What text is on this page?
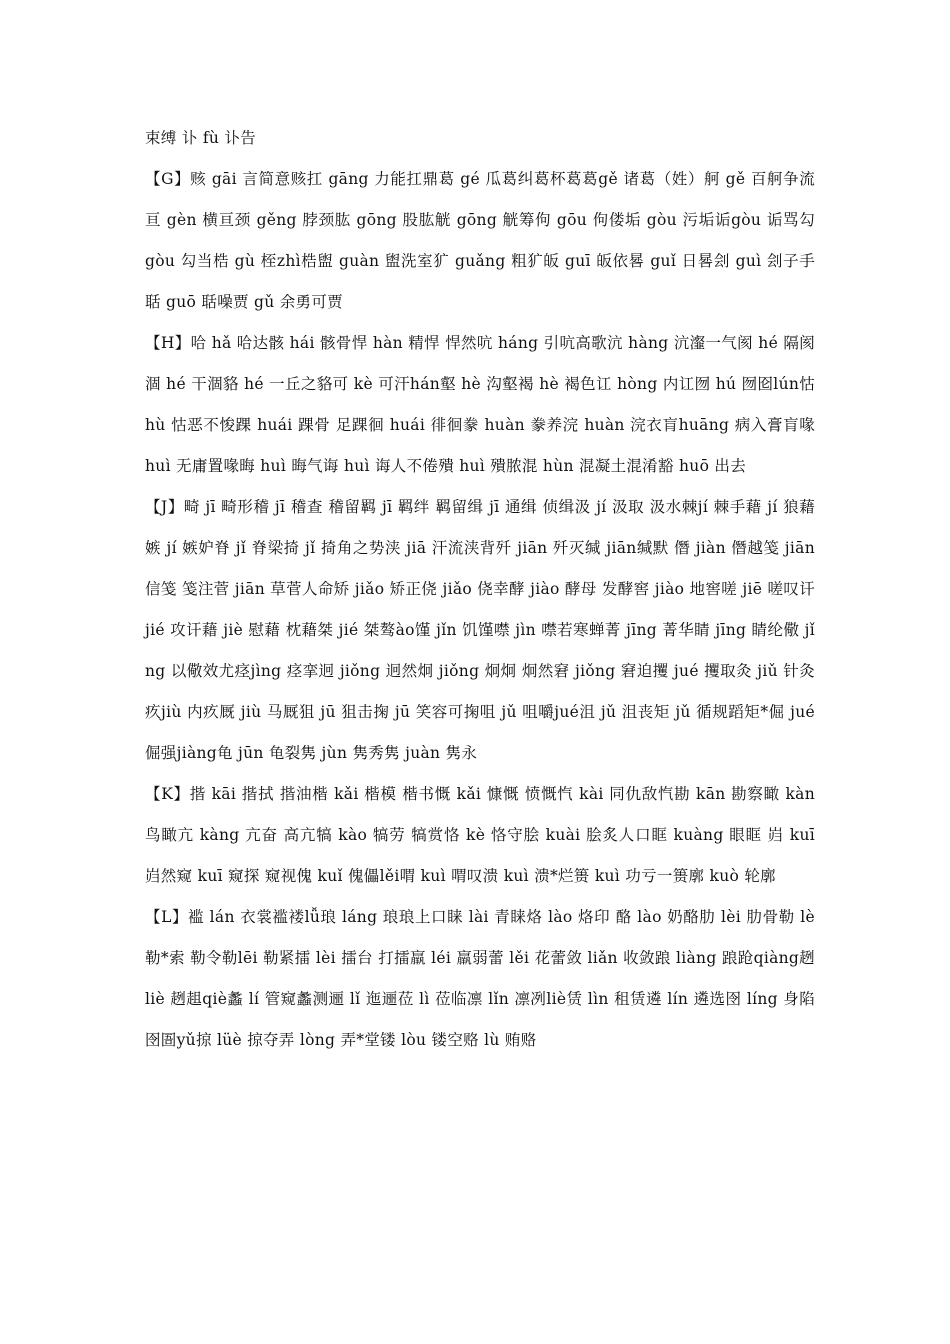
束缚 讣 fù 讣告

【G】赅 gāi 言简意赅扛 gāng 力能扛鼎葛 gé 瓜葛纠葛杯葛葛gě 诸葛（姓）舸 gě 百舸争流亘 gèn 横亘颈 gěng 脖颈肱 gōng 股肱觥 gōng 觥筹佝 gōu 佝偻垢 gòu 污垢诟gòu 诟骂勾 gòu 勾当梏 gù 桎zhì梏盥 guàn 盥洗室犷 guǎng 粗犷皈 guī 皈依晷 guǐ 日晷刽 guì 刽子手 聒 guō 聒噪贾 gǔ 余勇可贾

【H】哈 hǎ 哈达骸 hái 骸骨悍 hàn 精悍 悍然吭 háng 引吭高歌沆 hàng 沆瀣一气阂 hé 隔阂涸 hé 干涸貉 hé 一丘之貉可 kè 可汗hán壑 hè 沟壑褐 hè 褐色讧 hòng 内讧囫 hú 囫囵lún怙 hù 怙恶不悛踝 huái 踝骨 足踝徊 huái 徘徊豢 huàn 豢养浣 huàn 浣衣肓huāng 病入膏肓喙 huì 无庸置喙晦 huì 晦气诲 huì 诲人不倦殨 huì 殨脓混 hùn 混凝土混淆豁 huō 出去

【J】畸 jī 畸形稽 jī 稽查 稽留羁 jī 羁绊 羁留缉 jī 通缉 侦缉汲 jí 汲取 汲水棘jí 棘手藉 jí 狼藉嫉 jí 嫉妒脊 jǐ 脊梁掎 jǐ 掎角之势浃 jiā 汗流浃背歼 jiān 歼灭缄 jiān缄默 僭 jiàn 僭越笺 jiān 信笺 笺注菅 jiān 草菅人命矫 jiǎo 矫正侥 jiǎo 侥幸酵 jiào 酵母 发酵窖 jiào 地窖嗟 jiē 嗟叹讦 jié 攻讦藉 jiè 慰藉 枕藉桀 jié 桀骜ào馑 jǐn 饥馑噤 jìn 噤若寒蝉菁 jīng 菁华睛 jīng 睛纶儆 jǐng 以儆效尤痉jìng 痉挛迥 jiǒng 迥然炯 jiǒng 炯炯 炯然窘 jiǒng 窘迫攫 jué 攫取灸 jiǔ 针灸 疚jiù 内疚厩 jiù 马厩狙 jū 狙击掬 jū 笑容可掬咀 jǔ 咀嚼jué沮 jǔ 沮丧矩 jǔ 循规蹈矩*倔 jué 倔强jiàng龟 jūn 龟裂隽 jùn 隽秀隽 juàn 隽永

【K】揩 kāi 揩拭 揩油楷 kǎi 楷模 楷书慨 kǎi 慷慨 愤慨忾 kài 同仇敌忾勘 kān 勘察瞰 kàn 鸟瞰亢 kàng 亢奋 高亢犒 kào 犒劳 犒赏恪 kè 恪守脍 kuài 脍炙人口眶 kuàng 眼眶 岿 kuī 岿然窥 kuī 窥探 窥视傀 kuǐ 傀儡lěi喟 kuì 喟叹溃 kuì 溃*烂篑 kuì 功亏一篑廓 kuò 轮廓

【L】褴 lán 衣裳褴褛lǚ琅 láng 琅琅上口睐 lài 青睐烙 lào 烙印 酪 lào 奶酪肋 lèi 肋骨勒 lè 勒*索 勒令勒lēi 勒紧擂 lèi 擂台 打擂羸 léi 羸弱蕾 lěi 花蕾敛 liǎn 收敛踉 liàng 踉跄qiàng趔 liè 趔趄qiè蠡 lí 管窥蠡测逦 lǐ 迤逦莅 lì 莅临凛 lǐn 凛冽liè赁 lìn 租赁遴 lín 遴选囹 líng 身陷囹圄yǔ掠 lüè 掠夺弄 lòng 弄*堂镂 lòu 镂空赂 lù 贿赂
